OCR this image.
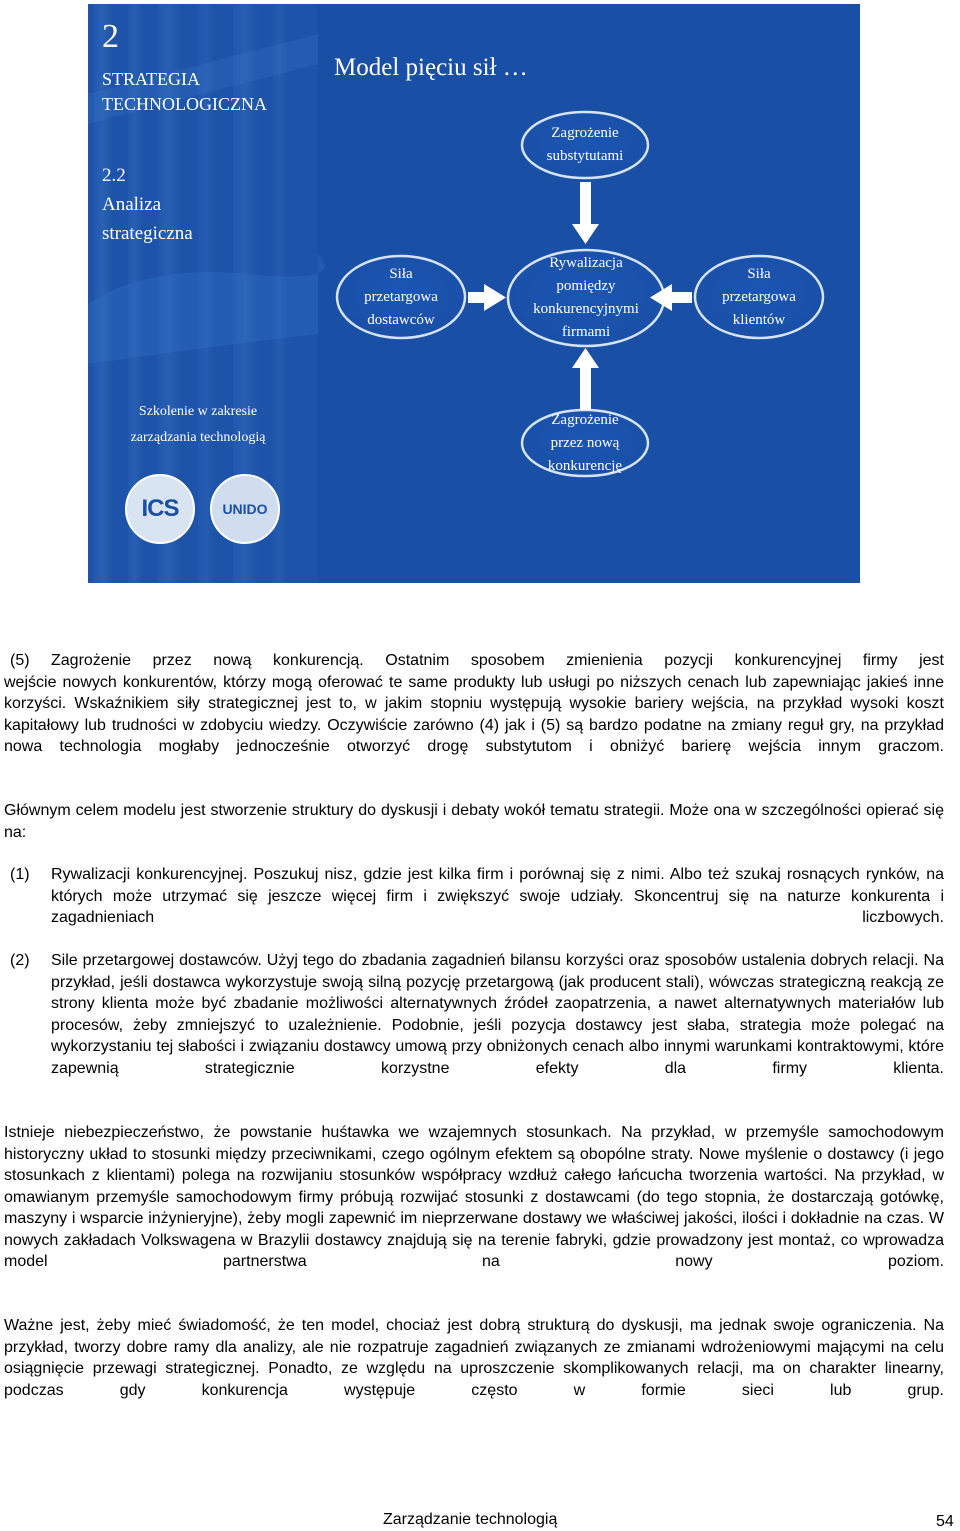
2
STRATEGIA
TECHNOLOGICZNA
2.2
Analiza
strategiczna
Model pięciu sił …
Zagrożenie
substytutami
Rywalizacja
pomiędzy
konkurencyjnymi
firmami
Siła
przetargowa
dostawców
Siła
przetargowa
klientów
Zagrożenie
przez nową
konkurencję
Szkolenie w zakresie
zarządzania technologią
ICS	UNIDO
(5) Zagrożenie przez nową konkurencją. Ostatnim sposobem zmienienia pozycji konkurencyjnej firmy jest

wejście nowych konkurentów, którzy mogą oferować te same produkty lub usługi po niższych cenach lub zapewniając jakieś inne korzyści. Wskaźnikiem siły strategicznej jest to, w jakim stopniu występują wysokie bariery wejścia, na przykład wysoki koszt kapitałowy lub trudności w zdobyciu wiedzy. Oczywiście zarówno (4) jak i (5) są bardzo podatne na zmiany reguł gry, na przykład nowa technologia mogłaby jednocześnie otworzyć drogę substytutom i obniżyć barierę wejścia innym graczom.

Głównym celem modelu jest stworzenie struktury do dyskusji i debaty wokół tematu strategii. Może ona w szczególności opierać się na:

(1) Rywalizacji konkurencyjnej. Poszukuj nisz, gdzie jest kilka firm i porównaj się z nimi. Albo też szukaj rosnących rynków, na których może utrzymać się jeszcze więcej firm i zwiększyć swoje udziały. Skoncentruj się na naturze konkurenta i zagadnieniach liczbowych.

(2) Sile przetargowej dostawców. Użyj tego do zbadania zagadnień bilansu korzyści oraz sposobów ustalenia dobrych relacji. Na przykład, jeśli dostawca wykorzystuje swoją silną pozycję przetargową (jak producent stali), wówczas strategiczną reakcją ze strony klienta może być zbadanie możliwości alternatywnych źródeł zaopatrzenia, a nawet alternatywnych materiałów lub procesów, żeby zmniejszyć to uzależnienie. Podobnie, jeśli pozycja dostawcy jest słaba, strategia może polegać na wykorzystaniu tej słabości i związaniu dostawcy umową przy obniżonych cenach albo innymi warunkami kontraktowymi, które zapewnią strategicznie korzystne efekty dla firmy klienta.

Istnieje niebezpieczeństwo, że powstanie huśtawka we wzajemnych stosunkach. Na przykład, w przemyśle samochodowym historyczny układ to stosunki między przeciwnikami, czego ogólnym efektem są obopólne straty. Nowe myślenie o dostawcy (i jego stosunkach z klientami) polega na rozwijaniu stosunków współpracy wzdłuż całego łańcucha tworzenia wartości. Na przykład, w omawianym przemyśle samochodowym firmy próbują rozwijać stosunki z dostawcami (do tego stopnia, że dostarczają gotówkę, maszyny i wsparcie inżynieryjne), żeby mogli zapewnić im nieprzerwane dostawy we właściwej jakości, ilości i dokładnie na czas. W nowych zakładach Volkswagena w Brazylii dostawcy znajdują się na terenie fabryki, gdzie prowadzony jest montaż, co wprowadza model partnerstwa na nowy poziom.

Ważne jest, żeby mieć świadomość, że ten model, chociaż jest dobrą strukturą do dyskusji, ma jednak swoje ograniczenia. Na przykład, tworzy dobre ramy dla analizy, ale nie rozpatruje zagadnień związanych ze zmianami wdrożeniowymi mającymi na celu osiągnięcie przewagi strategicznej. Ponadto, ze względu na uproszczenie skomplikowanych relacji, ma on charakter linearny, podczas gdy konkurencja występuje często w formie sieci lub grup.

Zarządzanie technologią	54
